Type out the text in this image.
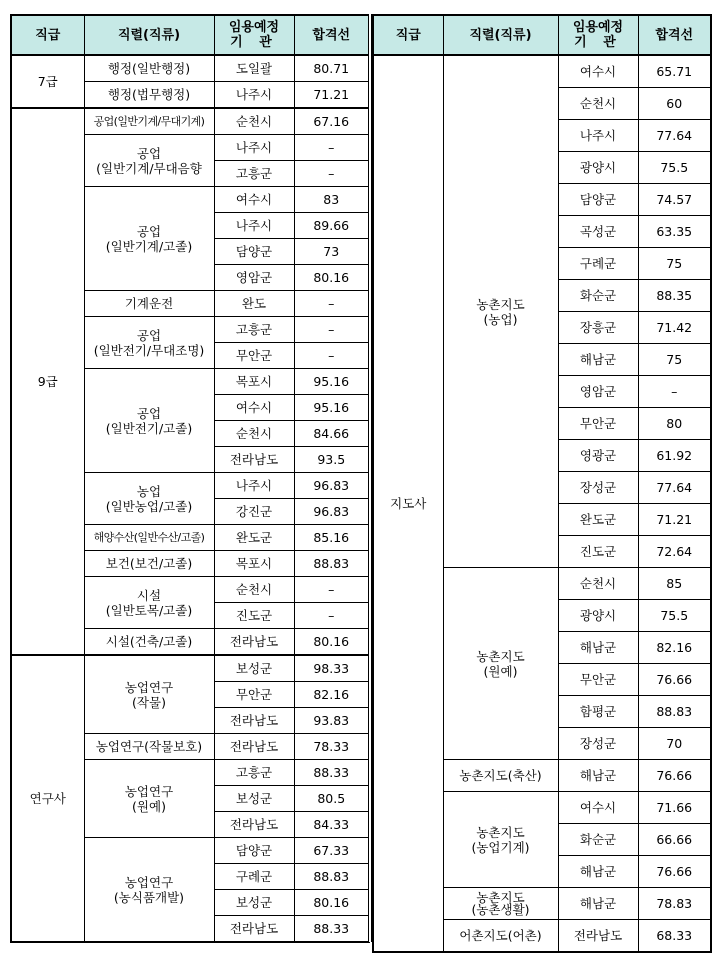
직급	직렬(직류)	임용예정
기 관	합격선
7급	행정(일반행정)	도일괄	80.71
	행정(법무행정)	나주시	71.21
9급	공업(일반기계/무대기계)	순천시	67.16
	공업
(일반기계/무대음향	나주시	–
		고흥군	–
	공업
(일반기계/고졸)	여수시	83
		나주시	89.66
		담양군	73
		영암군	80.16
	기계운전	완도	–
	공업
(일반전기/무대조명)	고흥군	–
		무안군	–
	공업
(일반전기/고졸)	목포시	95.16
		여수시	95.16
		순천시	84.66
		전라남도	93.5
	농업
(일반농업/고졸)	나주시	96.83
		강진군	96.83
	해양수산(일반수산/고졸)	완도군	85.16
	보건(보건/고졸)	목포시	88.83
	시설
(일반토목/고졸)	순천시	–
		진도군	–
	시설(건축/고졸)	전라남도	80.16
연구사	농업연구
(작물)	보성군	98.33
		무안군	82.16
		전라남도	93.83
	농업연구(작물보호)	전라남도	78.33
	농업연구
(원예)	고흥군	88.33
		보성군	80.5
		전라남도	84.33
	농업연구
(농식품개발)	담양군	67.33
		구례군	88.83
		보성군	80.16
		전라남도	88.33
직급	직렬(직류)	임용예정
기 관	합격선
지도사	농촌지도
(농업)	여수시	65.71
		순천시	60
		나주시	77.64
		광양시	75.5
		담양군	74.57
		곡성군	63.35
		구례군	75
		화순군	88.35
		장흥군	71.42
		해남군	75
		영암군	–
		무안군	80
		영광군	61.92
		장성군	77.64
		완도군	71.21
		진도군	72.64
	농촌지도
(원예)	순천시	85
		광양시	75.5
		해남군	82.16
		무안군	76.66
		함평군	88.83
		장성군	70
	농촌지도(축산)	해남군	76.66
	농촌지도
(농업기계)	여수시	71.66
		화순군	66.66
		해남군	76.66
	농촌지도
(농촌생활)	해남군	78.83
	어촌지도(어촌)	전라남도	68.33
